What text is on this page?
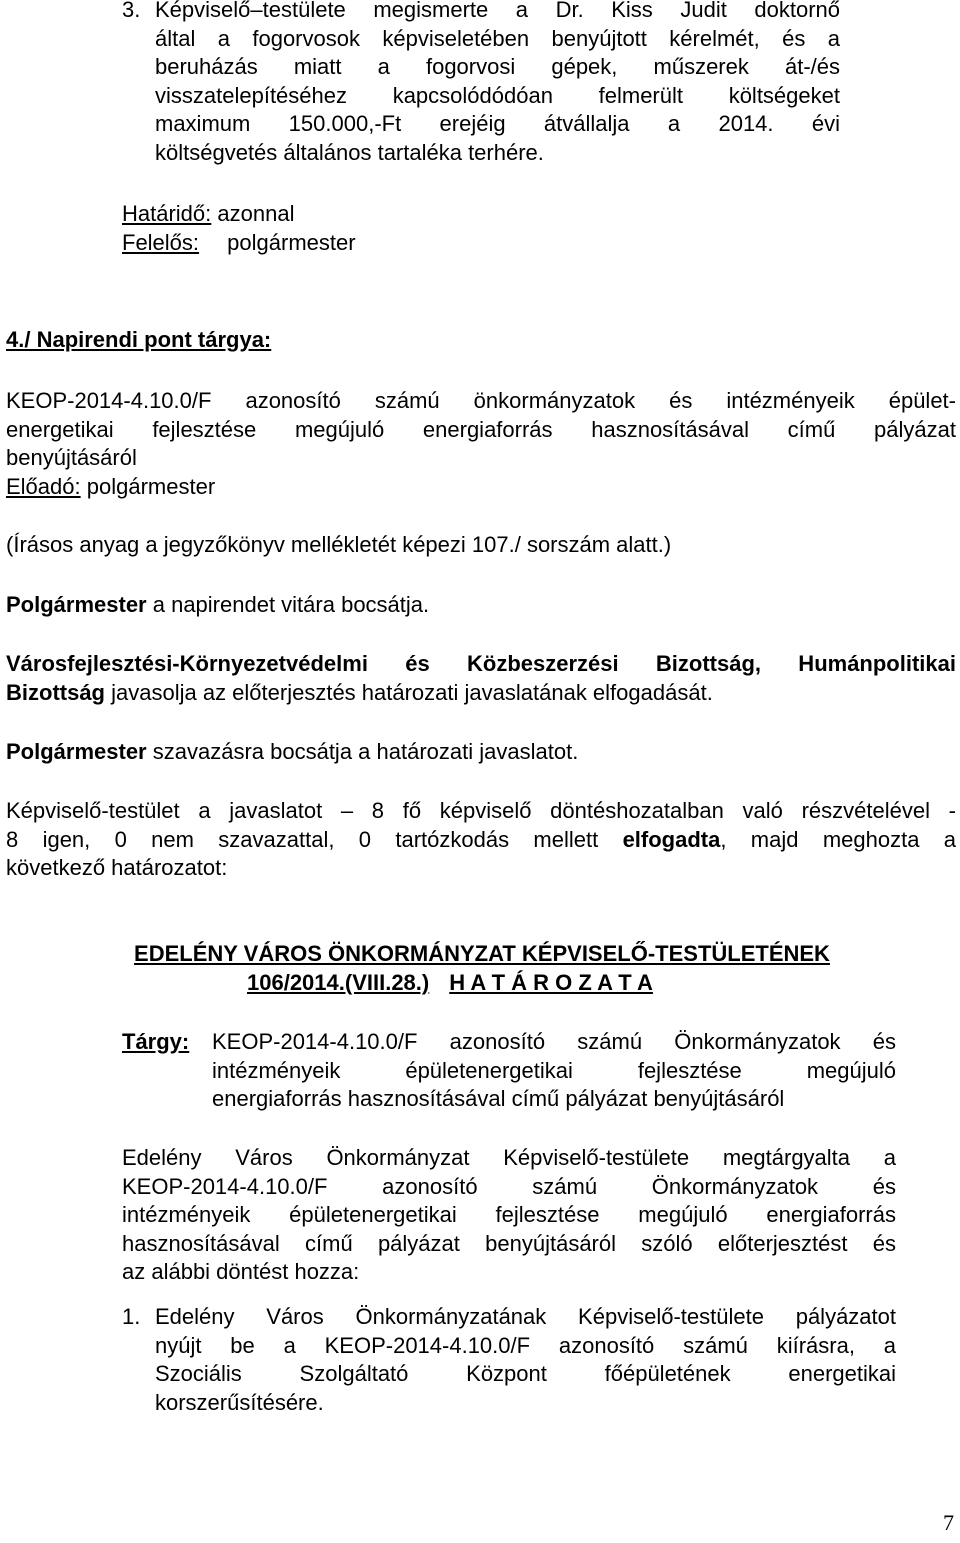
3. Képviselő–testülete megismerte a Dr. Kiss Judit doktornő
által a fogorvosok képviseletében benyújtott kérelmét, és a
beruházás miatt a fogorvosi gépek, műszerek át-/és
visszatelepítéséhez kapcsolódódóan felmerült költségeket
maximum 150.000,-Ft erejéig átvállalja a 2014. évi
költségvetés általános tartaléka terhére.
Határidő: azonnal
Felelős: polgármester
4./ Napirendi pont tárgya:
KEOP-2014-4.10.0/F azonosító számú önkormányzatok és intézményeik épület-
energetikai fejlesztése megújuló energiaforrás hasznosításával című pályázat
benyújtásáról
Előadó: polgármester
(Írásos anyag a jegyzőkönyv mellékletét képezi 107./ sorszám alatt.)
Polgármester a napirendet vitára bocsátja.
Városfejlesztési-Környezetvédelmi és Közbeszerzési Bizottság, Humánpolitikai
Bizottság javasolja az előterjesztés határozati javaslatának elfogadását.
Polgármester szavazásra bocsátja a határozati javaslatot.
Képviselő-testület a javaslatot – 8 fő képviselő döntéshozatalban való részvételével -
8 igen, 0 nem szavazattal, 0 tartózkodás mellett elfogadta, majd meghozta a
következő határozatot:
EDELÉNY VÁROS ÖNKORMÁNYZAT KÉPVISELŐ-TESTÜLETÉNEK
106/2014.(VIII.28.) H A T Á R O Z A T A
Tárgy:	KEOP-2014-4.10.0/F azonosító számú Önkormányzatok és
intézményeik épületenergetikai fejlesztése megújuló
energiaforrás hasznosításával című pályázat benyújtásáról
Edelény Város Önkormányzat Képviselő-testülete megtárgyalta a
KEOP-2014-4.10.0/F azonosító számú Önkormányzatok és
intézményeik épületenergetikai fejlesztése megújuló energiaforrás
hasznosításával című pályázat benyújtásáról szóló előterjesztést és
az alábbi döntést hozza:
1. Edelény Város Önkormányzatának Képviselő-testülete pályázatot
nyújt be a KEOP-2014-4.10.0/F azonosító számú kiírásra, a
Szociális Szolgáltató Központ főépületének energetikai
korszerűsítésére.
7
